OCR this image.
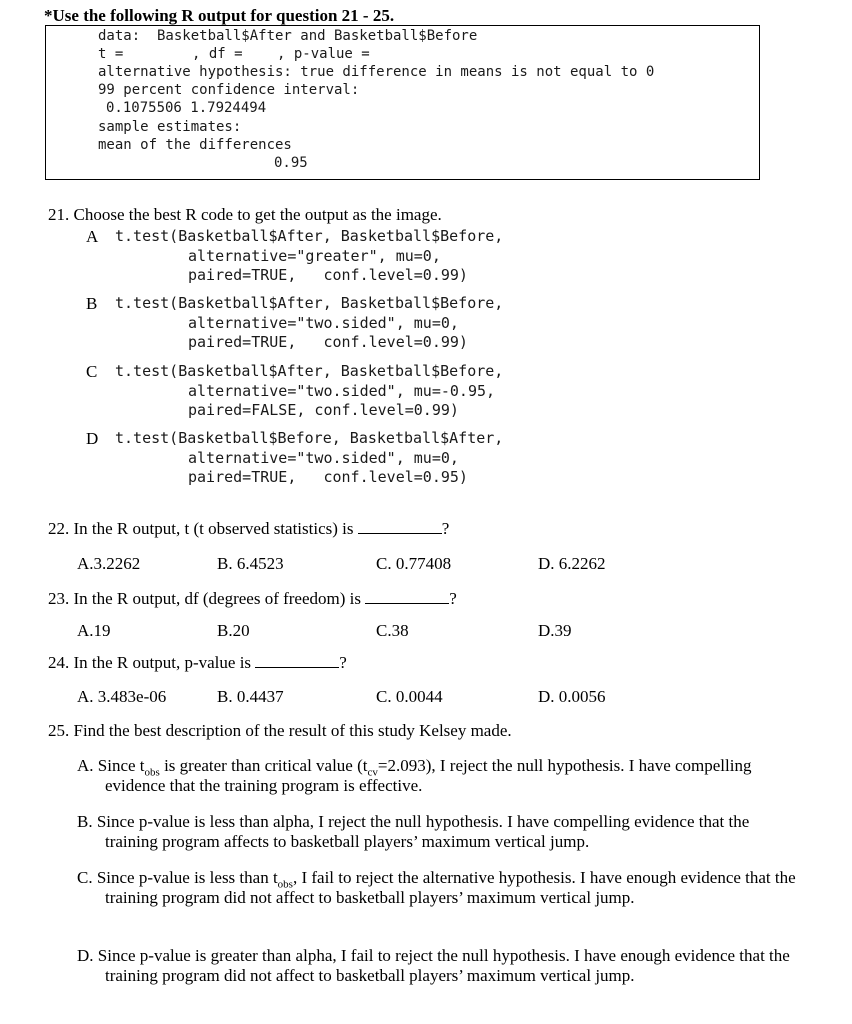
*Use the following R output for question 21 - 25.
data:  Basketball$After and Basketball$Before
t =	, df = , p-value =
alternative hypothesis: true difference in means is not equal to 0
99 percent confidence interval:
0.1075506 1.7924494
sample estimates:
mean of the differences
0.95
21. Choose the best R code to get the output as the image.
A t.test(Basketball$After, Basketball$Before,
alternative="greater", mu=0,
paired=TRUE,   conf.level=0.99)
B t.test(Basketball$After, Basketball$Before,
alternative="two.sided", mu=0,
paired=TRUE,   conf.level=0.99)
C t.test(Basketball$After, Basketball$Before,
alternative="two.sided", mu=-0.95,
paired=FALSE, conf.level=0.99)
D t.test(Basketball$Before, Basketball$After,
alternative="two.sided", mu=0,
paired=TRUE,   conf.level=0.95)
22. In the R output, t (t observed statistics) is	?
A.3.2262	B. 6.4523	C. 0.77408	D. 6.2262
23. In the R output, df (degrees of freedom) is	?
A.19	B.20	C.38	D.39
24. In the R output, p-value is	?
A. 3.483e-06	B. 0.4437	C. 0.0044	D. 0.0056
25. Find the best description of the result of this study Kelsey made.
A. Since $t_{obs}$ is greater than critical value $(t_{cv}=2.093)$, I reject the null hypothesis. I have compelling evidence that the training program is effective.
B. Since p-value is less than alpha, I reject the null hypothesis. I have compelling evidence that the training program affects to basketball players’ maximum vertical jump.
C. Since p-value is less than $t_{obs}$, I fail to reject the alternative hypothesis. I have enough evidence that the training program did not affect to basketball players’ maximum vertical jump.
D. Since p-value is greater than alpha, I fail to reject the null hypothesis. I have enough evidence that the training program did not affect to basketball players’ maximum vertical jump.
